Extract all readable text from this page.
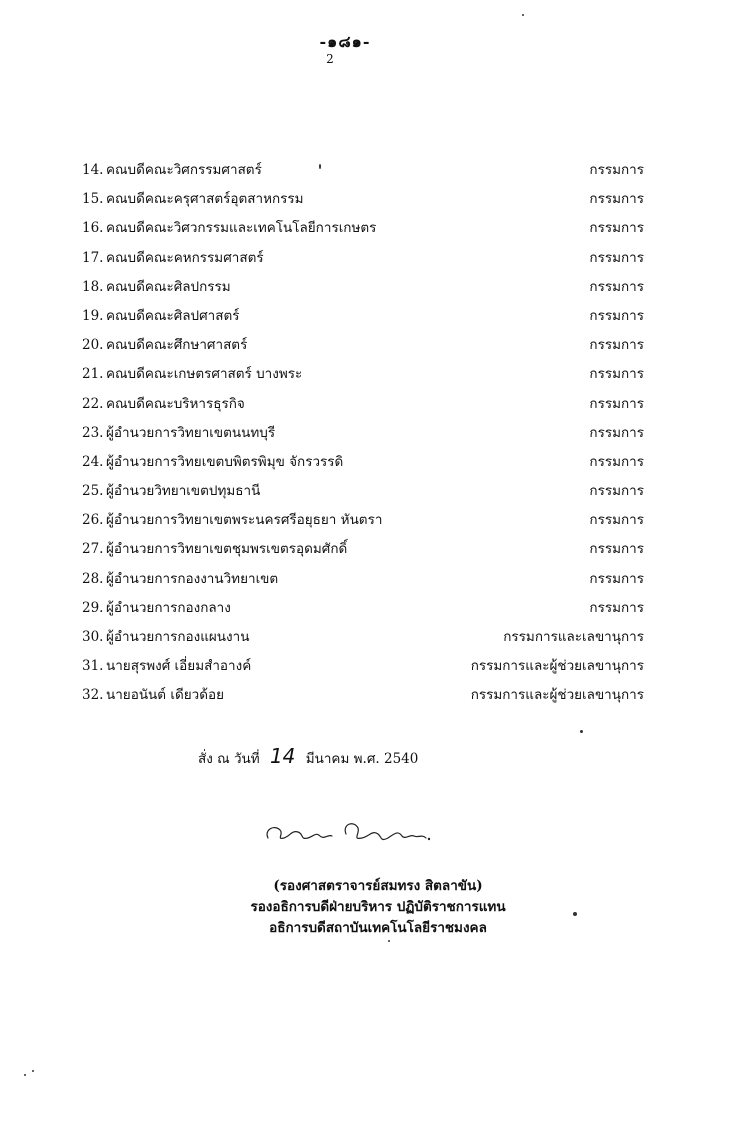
-๑๘๑-
2
14. คณบดีคณะวิศกรรมศาสตร์	กรรมการ
15. คณบดีคณะครุศาสตร์อุตสาหกรรม	กรรมการ
16. คณบดีคณะวิศวกรรมและเทคโนโลยีการเกษตร	กรรมการ
17. คณบดีคณะคหกรรมศาสตร์	กรรมการ
18. คณบดีคณะศิลปกรรม	กรรมการ
19. คณบดีคณะศิลปศาสตร์	กรรมการ
20. คณบดีคณะศึกษาศาสตร์	กรรมการ
21. คณบดีคณะเกษตรศาสตร์ บางพระ	กรรมการ
22. คณบดีคณะบริหารธุรกิจ	กรรมการ
23. ผู้อำนวยการวิทยาเขตนนทบุรี	กรรมการ
24. ผู้อำนวยการวิทยเขตบพิตรพิมุข จักรวรรดิ	กรรมการ
25. ผู้อำนวยวิทยาเขตปทุมธานี	กรรมการ
26. ผู้อำนวยการวิทยาเขตพระนครศรีอยุธยา หันตรา	กรรมการ
27. ผู้อำนวยการวิทยาเขตชุมพรเขตรอุดมศักดิ์	กรรมการ
28. ผู้อำนวยการกองงานวิทยาเขต	กรรมการ
29. ผู้อำนวยการกองกลาง	กรรมการ
30. ผู้อำนวยการกองแผนงาน	กรรมการและเลขานุการ
31. นายสุรพงศ์ เอี่ยมสำอางค์	กรรมการและผู้ช่วยเลขานุการ
32. นายอนันต์ เดียวด้อย	กรรมการและผู้ช่วยเลขานุการ
สั่ง ณ วันที่ 14 มีนาคม พ.ศ. 2540
(รองศาสตราจารย์สมทรง สิตลาขัน)
รองอธิการบดีฝ่ายบริหาร ปฏิบัติราชการแทน
อธิการบดีสถาบันเทคโนโลยีราชมงคล
